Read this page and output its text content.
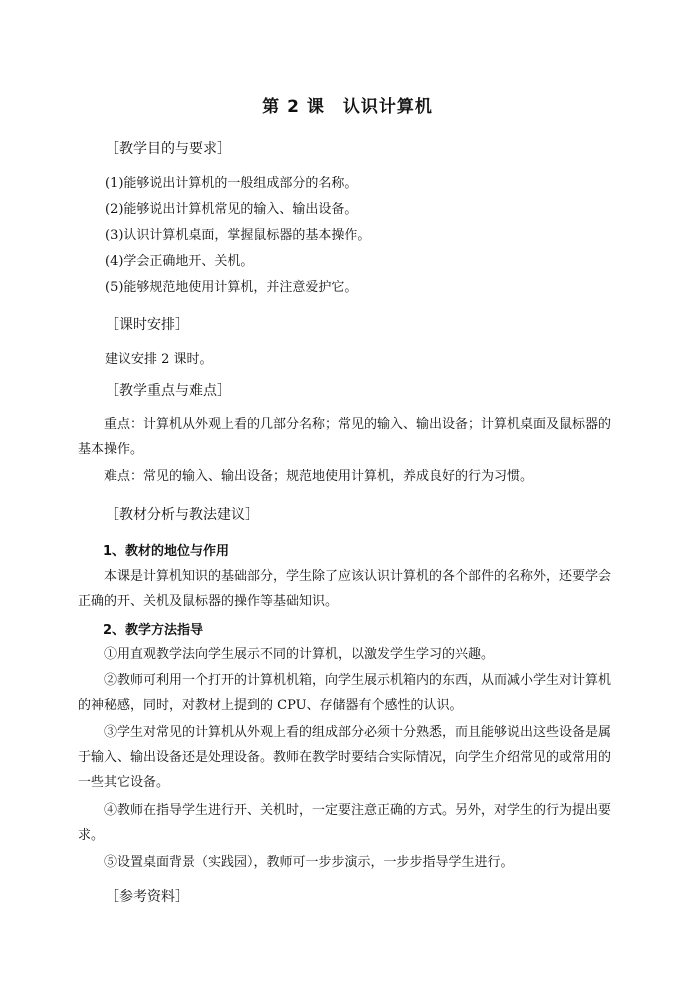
第 2 课　认识计算机

［教学目的与要求］

(1)能够说出计算机的一般组成部分的名称。

(2)能够说出计算机常见的输入、输出设备。

(3)认识计算机桌面，掌握鼠标器的基本操作。

(4)学会正确地开、关机。

(5)能够规范地使用计算机，并注意爱护它。

［课时安排］

建议安排 2 课时。

［教学重点与难点］

重点：计算机从外观上看的几部分名称；常见的输入、输出设备；计算机桌面及鼠标器的基本操作。

难点：常见的输入、输出设备；规范地使用计算机，养成良好的行为习惯。

［教材分析与教法建议］

1、教材的地位与作用

本课是计算机知识的基础部分，学生除了应该认识计算机的各个部件的名称外，还要学会正确的开、关机及鼠标器的操作等基础知识。

2、教学方法指导

①用直观教学法向学生展示不同的计算机，以激发学生学习的兴趣。

②教师可利用一个打开的计算机机箱，向学生展示机箱内的东西，从而减小学生对计算机的神秘感，同时，对教材上提到的 CPU、存储器有个感性的认识。

③学生对常见的计算机从外观上看的组成部分必须十分熟悉，而且能够说出这些设备是属于输入、输出设备还是处理设备。教师在教学时要结合实际情况，向学生介绍常见的或常用的一些其它设备。

④教师在指导学生进行开、关机时，一定要注意正确的方式。另外，对学生的行为提出要求。

⑤设置桌面背景（实践园），教师可一步步演示，一步步指导学生进行。

［参考资料］
